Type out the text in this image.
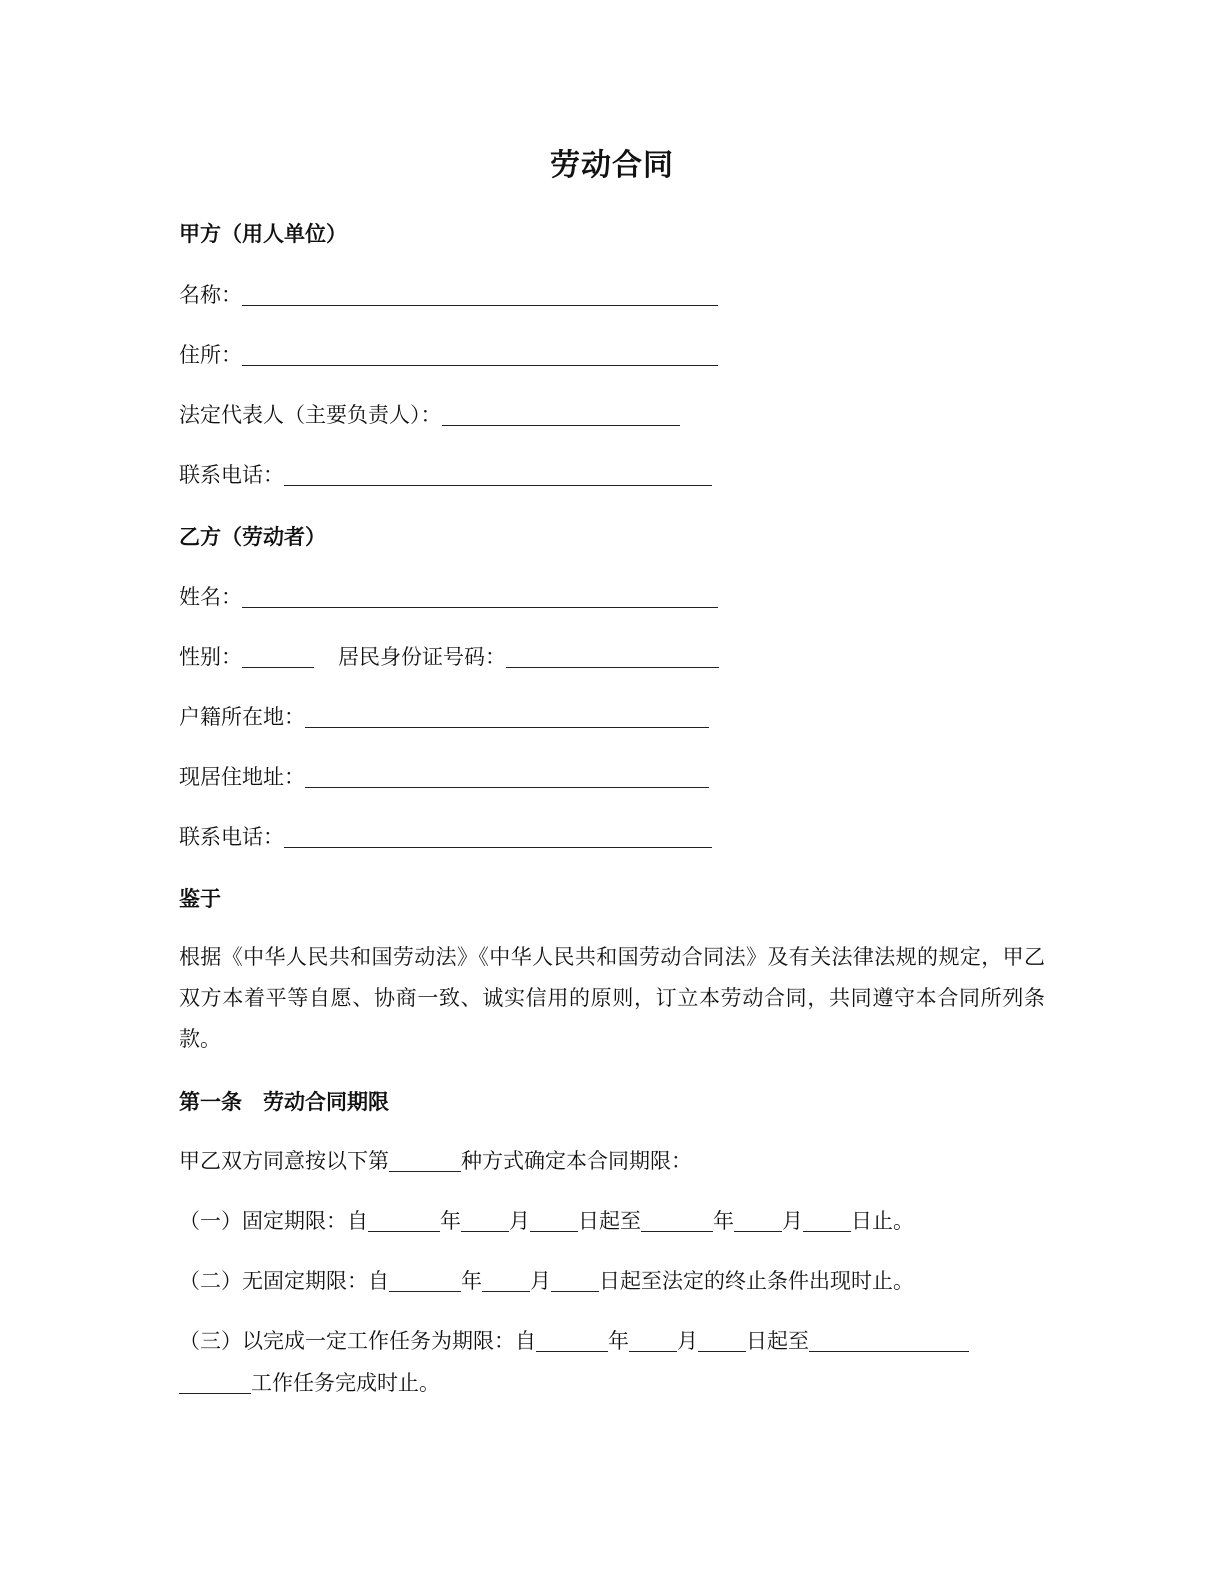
劳动合同
甲方（用人单位）
名称：
住所：
法定代表人（主要负责人）：
联系电话：
乙方（劳动者）
姓名：
性别：	居民身份证号码：
户籍所在地：
现居住地址：
联系电话：
鉴于
根据《中华人民共和国劳动法》《中华人民共和国劳动合同法》及有关法律法规的规定，甲乙双方本着平等自愿、协商一致、诚实信用的原则，订立本劳动合同，共同遵守本合同所列条款。
第一条　劳动合同期限
甲乙双方同意按以下第	种方式确定本合同期限：
（一）固定期限：自	年 月 日起至	年 月 日止。
（二）无固定期限：自	年 月 日起至法定的终止条件出现时止。
（三）以完成一定工作任务为期限：自	年 月 日起至
工作任务完成时止。
